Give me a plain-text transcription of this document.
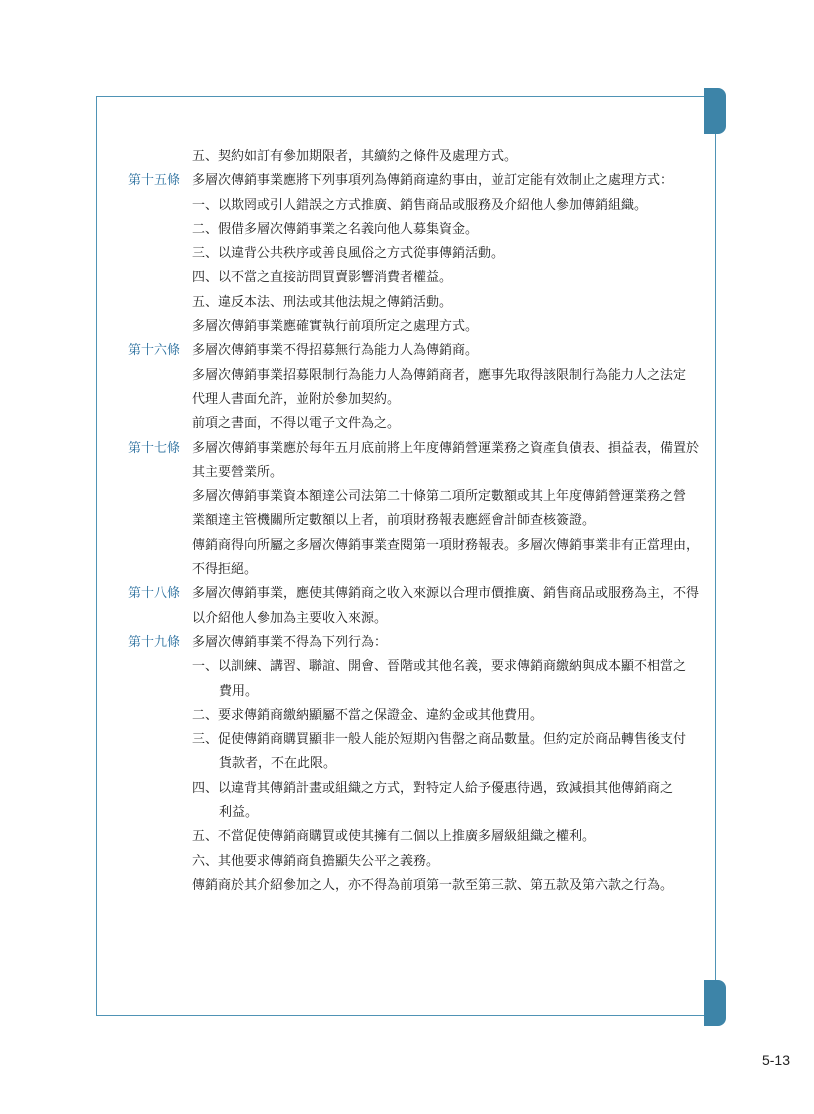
五、契約如訂有參加期限者，其續約之條件及處理方式。
第十五條 多層次傳銷事業應將下列事項列為傳銷商違約事由，並訂定能有效制止之處理方式：
一、以欺罔或引人錯誤之方式推廣、銷售商品或服務及介紹他人參加傳銷組織。
二、假借多層次傳銷事業之名義向他人募集資金。
三、以違背公共秩序或善良風俗之方式從事傳銷活動。
四、以不當之直接訪問買賣影響消費者權益。
五、違反本法、刑法或其他法規之傳銷活動。
多層次傳銷事業應確實執行前項所定之處理方式。
第十六條 多層次傳銷事業不得招募無行為能力人為傳銷商。
多層次傳銷事業招募限制行為能力人為傳銷商者，應事先取得該限制行為能力人之法定
代理人書面允許，並附於參加契約。
前項之書面，不得以電子文件為之。
第十七條 多層次傳銷事業應於每年五月底前將上年度傳銷營運業務之資產負債表、損益表，備置於
其主要營業所。
多層次傳銷事業資本額達公司法第二十條第二項所定數額或其上年度傳銷營運業務之營
業額達主管機關所定數額以上者，前項財務報表應經會計師查核簽證。
傳銷商得向所屬之多層次傳銷事業查閱第一項財務報表。多層次傳銷事業非有正當理由，
不得拒絕。
第十八條 多層次傳銷事業，應使其傳銷商之收入來源以合理市價推廣、銷售商品或服務為主，不得
以介紹他人參加為主要收入來源。
第十九條 多層次傳銷事業不得為下列行為：
一、以訓練、講習、聯誼、開會、晉階或其他名義，要求傳銷商繳納與成本顯不相當之
費用。
二、要求傳銷商繳納顯屬不當之保證金、違約金或其他費用。
三、促使傳銷商購買顯非一般人能於短期內售罄之商品數量。但約定於商品轉售後支付
貨款者，不在此限。
四、以違背其傳銷計畫或組織之方式，對特定人給予優惠待遇，致減損其他傳銷商之
利益。
五、不當促使傳銷商購買或使其擁有二個以上推廣多層級組織之權利。
六、其他要求傳銷商負擔顯失公平之義務。
傳銷商於其介紹參加之人，亦不得為前項第一款至第三款、第五款及第六款之行為。
5-13
